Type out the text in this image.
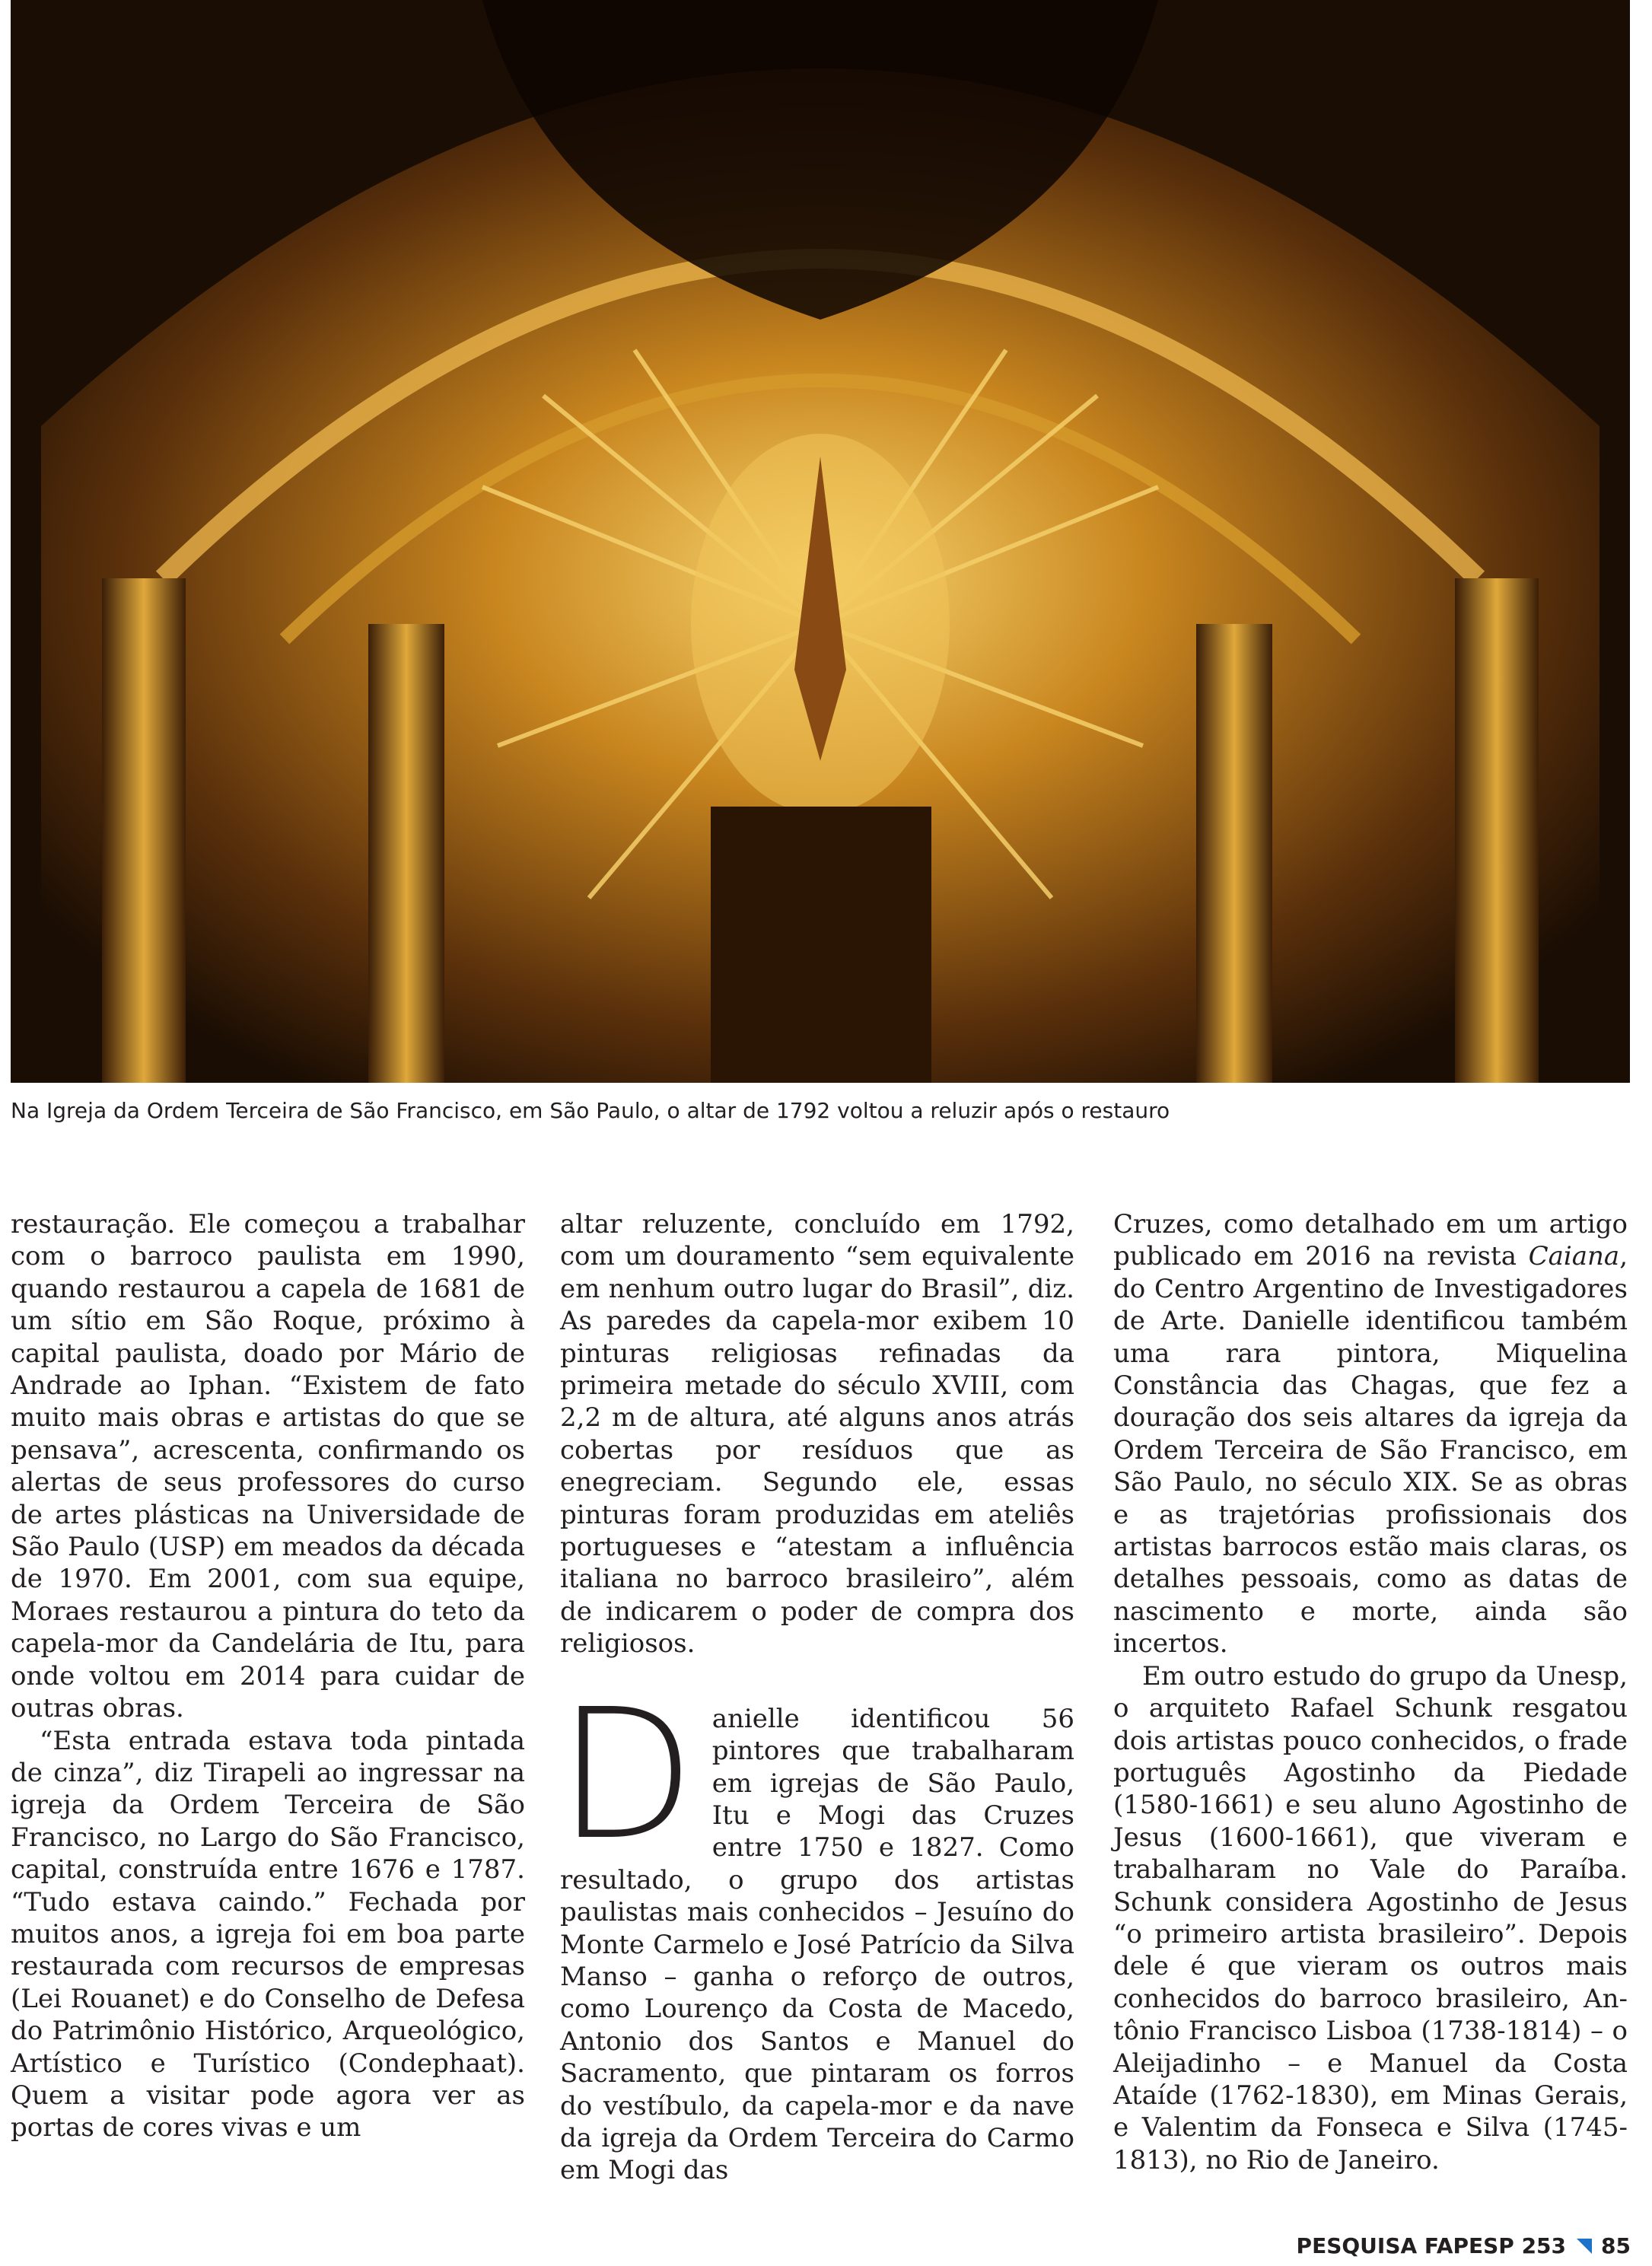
Na Igreja da Ordem Terceira de São Francisco, em São Paulo, o altar de 1792 voltou a reluzir após o restauro

restauração. Ele começou a trabalhar com o barroco paulista em 1990, quando restaurou a capela de 1681 de um sítio em São Roque, próximo à capital paulista, doado por Mário de Andrade ao Iphan. “Existem de fato muito mais obras e artistas do que se pensava”, acrescenta, confirmando os alertas de seus professores do curso de artes plásticas na Universidade de São Paulo (USP) em meados da década de 1970. Em 2001, com sua equipe, Moraes restaurou a pintura do teto da capela-mor da Candelária de Itu, para onde voltou em 2014 para cuidar de outras obras.

“Esta entrada estava toda pintada de cinza”, diz Tirapeli ao ingressar na igreja da Ordem Terceira de São Francisco, no Largo do São Francisco, capital, construída entre 1676 e 1787. “Tudo estava caindo.” Fechada por muitos anos, a igreja foi em boa parte restaurada com recursos de empresas (Lei Rouanet) e do Conselho de Defesa do Patrimônio Histórico, Arqueológico, Artístico e Turístico (Condephaat). Quem a visitar pode agora ver as portas de cores vivas e um

altar reluzente, concluído em 1792, com um douramento “sem equivalente em nenhum outro lugar do Brasil”, diz. As paredes da capela-mor exibem 10 pinturas religiosas refinadas da primeira metade do século XVIII, com 2,2 m de altura, até alguns anos atrás cobertas por resíduos que as enegreciam. Segundo ele, essas pinturas foram produzidas em ateliês portugueses e “atestam a influência italiana no barroco brasileiro”, além de indicarem o poder de compra dos religiosos.

Danielle identificou 56 pintores que trabalharam em igrejas de São Paulo, Itu e Mogi das Cruzes entre 1750 e 1827. Como resultado, o grupo dos artistas paulistas mais conhecidos – Jesuíno do Monte Carmelo e José Patrício da Silva Manso – ganha o reforço de outros, como Lourenço da Costa de Macedo, Antonio dos Santos e Manuel do Sacramento, que pintaram os forros do vestíbulo, da capela-mor e da nave da igreja da Ordem Terceira do Carmo em Mogi das

Cruzes, como detalhado em um artigo publicado em 2016 na revista Caiana, do Centro Argentino de Investigadores de Arte. Danielle identificou também uma rara pintora, Miquelina Constância das Chagas, que fez a douração dos seis altares da igreja da Ordem Terceira de São Francisco, em São Paulo, no século XIX. Se as obras e as trajetórias profissionais dos artistas barrocos estão mais claras, os detalhes pessoais, como as datas de nascimento e morte, ainda são incertos.

Em outro estudo do grupo da Unesp, o arquiteto Rafael Schunk resgatou dois artistas pouco conhecidos, o frade português Agostinho da Piedade (1580-1661) e seu aluno Agostinho de Jesus (1600-1661), que viveram e trabalharam no Vale do Paraíba. Schunk considera Agostinho de Jesus “o primeiro artista brasileiro”. Depois dele é que vieram os outros mais conhecidos do barroco brasileiro, Antônio Francisco Lisboa (1738-1814) – o Aleijadinho – e Manuel da Costa Ataíde (1762-1830), em Minas Gerais, e Valentim da Fonseca e Silva (1745-1813), no Rio de Janeiro.

PESQUISA FAPESP 253 85
